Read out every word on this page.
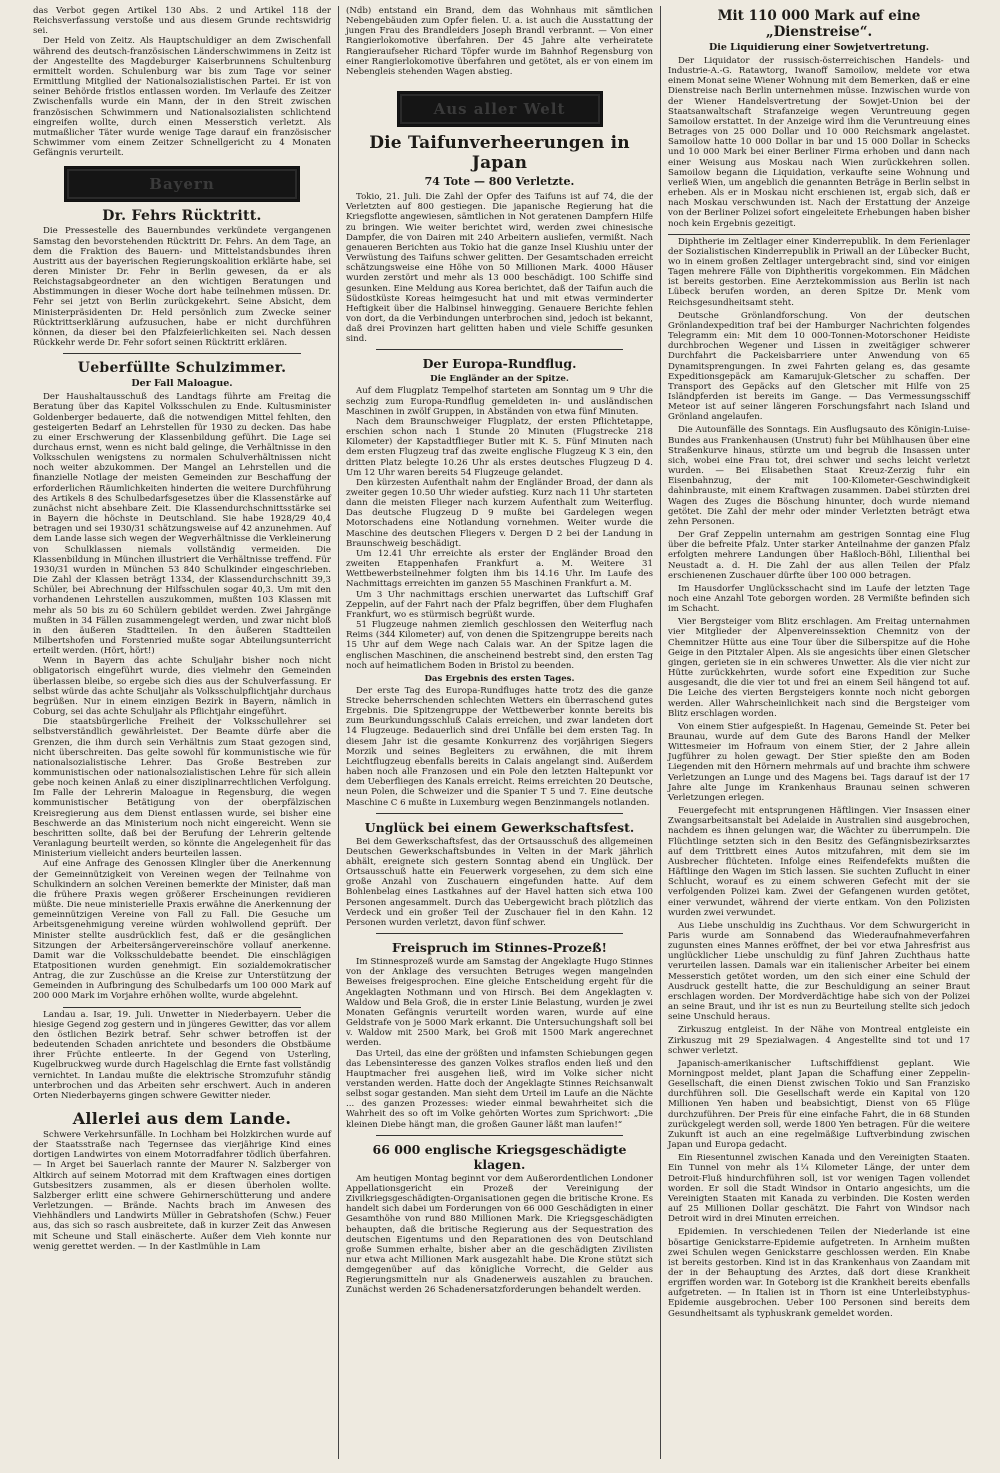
das Verbot gegen Artikel 130 Abs. 2 und Artikel 118 der Reichsverfassung verstoße und aus diesem Grunde rechtswidrig sei.

Der Held von Zeitz. Als Hauptschuldiger an dem Zwischenfall während des deutsch-französischen Länderschwimmens in Zeitz ist der Angestellte des Magdeburger Kaiserbrunnens Schultenburg ermittelt worden. Schulenburg war bis zum Tage vor seiner Ermittlung Mitglied der Nationalsozialistischen Partei. Er ist von seiner Behörde fristlos entlassen worden. Im Verlaufe des Zeitzer Zwischenfalls wurde ein Mann, der in den Streit zwischen französischen Schwimmern und Nationalsozialisten schlichtend eingreifen wollte, durch einen Messerstich verletzt. Als mutmaßlicher Täter wurde wenige Tage darauf ein französischer Schwimmer vom einem Zeitzer Schnellgericht zu 4 Monaten Gefängnis verurteilt.

Bayern
Dr. Fehrs Rücktritt.

Die Pressestelle des Bauernbundes verkündete vergangenen Samstag den bevorstehenden Rücktritt Dr. Fehrs. An dem Tage, an dem die Fraktion des Bauern- und Mittelstandsbundes ihren Austritt aus der bayerischen Regierungskoalition erklärte habe, sei deren Minister Dr. Fehr in Berlin gewesen, da er als Reichstagsabgeordneter an den wichtigen Beratungen und Abstimmungen in dieser Woche dort habe teilnehmen müssen. Dr. Fehr sei jetzt von Berlin zurückgekehrt. Seine Absicht, dem Ministerpräsidenten Dr. Held persönlich zum Zwecke seiner Rücktrittserklärung aufzusuchen, habe er nicht durchführen können, da dieser bei den Pfalzfeierlichkeiten sei. Nach dessen Rückkehr werde Dr. Fehr sofort seinen Rücktritt erklären.

Ueberfüllte Schulzimmer.
Der Fall Maloague.

Der Haushaltausschuß des Landtags führte am Freitag die Beratung über das Kapitel Volksschulen zu Ende. Kultusminister Goldenberger bedauerte, daß die notwendigen Mittel fehlten, den gesteigerten Bedarf an Lehrstellen für 1930 zu decken. Das habe zu einer Erschwerung der Klassenbildung geführt. Die Lage sei durchaus ernst, wenn es nicht bald gelinge, die Verhältnisse in den Volksschulen wenigstens zu normalen Schulverhältnissen nicht noch weiter abzukommen. Der Mangel an Lehrstellen und die finanzielle Notlage der meisten Gemeinden zur Beschaffung der erforderlichen Räumlichkeiten hinderten die weitere Durchführung des Artikels 8 des Schulbedarfsgesetzes über die Klassenstärke auf zunächst nicht absehbare Zeit. Die Klassendurchschnittsstärke sei in Bayern die höchste in Deutschland. Sie habe 1928/29 40,4 betragen und sei 1930/31 schätzungsweise auf 42 anzunehmen. Auf dem Lande lasse sich wegen der Wegverhältnisse die Verkleinerung von Schulklassen niemals vollständig vermeiden. Die Klassenbildung in München illustriert die Verhältnisse treffend. Für 1930/31 wurden in München 53 840 Schulkinder eingeschrieben. Die Zahl der Klassen beträgt 1334, der Klassendurchschnitt 39,3 Schüler, bei Abrechnung der Hilfsschulen sogar 40,3. Um mit den vorhandenen Lehrstellen auszukommen, mußten 103 Klassen mit mehr als 50 bis zu 60 Schülern gebildet werden. Zwei Jahrgänge mußten in 34 Fällen zusammengelegt werden, und zwar nicht bloß in den äußeren Stadtteilen. In den äußeren Stadtteilen Milbertshofen und Forstenried mußte sogar Abteilungsunterricht erteilt werden. (Hört, hört!)

Wenn in Bayern das achte Schuljahr bisher noch nicht obligatorisch eingeführt wurde, dies vielmehr den Gemeinden überlassen bleibe, so ergebe sich dies aus der Schulverfassung. Er selbst würde das achte Schuljahr als Volksschulpflichtjahr durchaus begrüßen. Nur in einem einzigen Bezirk in Bayern, nämlich in Coburg, sei das achte Schuljahr als Pflichtjahr eingeführt.

Die staatsbürgerliche Freiheit der Volksschullehrer sei selbstverständlich gewährleistet. Der Beamte dürfe aber die Grenzen, die ihm durch sein Verhältnis zum Staat gezogen sind, nicht überschreiten. Das gelte sowohl für kommunistische wie für nationalsozialistische Lehrer. Das Große Bestreben zur kommunistischen oder nationalsozialistischen Lehre für sich allein gebe noch keinen Anlaß zu einer disziplinarrechtlichen Verfolgung. Im Falle der Lehrerin Maloague in Regensburg, die wegen kommunistischer Betätigung von der oberpfälzischen Kreisregierung aus dem Dienst entlassen wurde, sei bisher eine Beschwerde an das Ministerium noch nicht eingereicht. Wenn sie beschritten sollte, daß bei der Berufung der Lehrerin geltende Veranlagung beurteilt werden, so könnte die Angelegenheit für das Ministerium vielleicht anders beurteilen lassen.

Auf eine Anfrage des Genossen Klingler über die Anerkennung der Gemeinnützigkeit von Vereinen wegen der Teilnahme von Schulkindern an solchen Vereinen bemerkte der Minister, daß man die frühere Praxis wegen größerer Erscheinungen revidieren müßte. Die neue ministerielle Praxis erwähne die Anerkennung der gemeinnützigen Vereine von Fall zu Fall. Die Gesuche um Arbeitsgenehmigung vereine würden wohlwollend geprüft. Der Minister stellte ausdrücklich fest, daß er die gesänglichen Sitzungen der Arbeitersängervereinschöre vollauf anerkenne. Damit war die Volksschuldebatte beendet. Die einschlägigen Etatpositionen wurden genehmigt. Ein sozialdemokratischer Antrag, die zur Zuschüsse an die Kreise zur Unterstützung der Gemeinden in Aufbringung des Schulbedarfs um 100 000 Mark auf 200 000 Mark im Vorjahre erhöhen wollte, wurde abgelehnt.

Landau a. Isar, 19. Juli. Unwetter in Niederbayern. Ueber die hiesige Gegend zog gestern und in jüngeres Gewitter, das vor allem den östlichen Bezirk betraf. Sehr schwer betroffen ist der bedeutenden Schaden anrichtete und besonders die Obstbäume ihrer Früchte entleerte. In der Gegend von Usterling, Kugelbruckweg wurde durch Hagelschlag die Ernte fast vollständig vernichtet. In Landau mußte die elektrische Stromzufuhr ständig unterbrochen und das Arbeiten sehr erschwert. Auch in anderen Orten Niederbayerns gingen schwere Gewitter nieder.

Allerlei aus dem Lande.

Schwere Verkehrsunfälle. In Lochham bei Holzkirchen wurde auf der Staatsstraße nach Tegernsee das vierjährige Kind eines dortigen Landwirtes von einem Motorradfahrer tödlich überfahren. — In Arget bei Sauerlach rannte der Maurer N. Salzberger von Altkirch auf seinem Motorrad mit dem Kraftwagen eines dortigen Gutsbesitzers zusammen, als er diesen überholen wollte. Salzberger erlitt eine schwere Gehirnerschütterung und andere Verletzungen. — Brände. Nachts brach im Anwesen des Viehhändlers und Landwirts Müller in Gebratshofen (Schw.) Feuer aus, das sich so rasch ausbreitete, daß in kurzer Zeit das Anwesen mit Scheune und Stall einäscherte. Außer dem Vieh konnte nur wenig gerettet werden. — In der Kastlmühle in Lam

(Ndb) entstand ein Brand, dem das Wohnhaus mit sämtlichen Nebengebäuden zum Opfer fielen. U. a. ist auch die Ausstattung der jungen Frau des Brandleiders Joseph Brandl verbrannt. — Von einer Rangierlokomotive überfahren. Der 45 Jahre alte verheiratete Rangieraufseher Richard Töpfer wurde im Bahnhof Regensburg von einer Rangierlokomotive überfahren und getötet, als er von einem im Nebengleis stehenden Wagen abstieg.

Aus aller Welt
Die Taifunverheerungen in Japan
74 Tote — 800 Verletzte.

Tokio, 21. Juli. Die Zahl der Opfer des Taifuns ist auf 74, die der Verletzten auf 800 gestiegen. Die japanische Regierung hat die Kriegsflotte angewiesen, sämtlichen in Not geratenen Dampfern Hilfe zu bringen. Wie weiter berichtet wird, werden zwei chinesische Dampfer, die von Dairen mit 240 Arbeitern ausliefen, vermißt. Nach genaueren Berichten aus Tokio hat die ganze Insel Kiushiu unter der Verwüstung des Taifuns schwer gelitten. Der Gesamtschaden erreicht schätzungsweise eine Höhe von 50 Millionen Mark. 4000 Häuser wurden zerstört und mehr als 13 000 beschädigt. 100 Schiffe sind gesunken. Eine Meldung aus Korea berichtet, daß der Taifun auch die Südostküste Koreas heimgesucht hat und mit etwas verminderter Heftigkeit über die Halbinsel hinwegging. Genauere Berichte fehlen von dort, da die Verbindungen unterbrochen sind, jedoch ist bekannt, daß drei Provinzen hart gelitten haben und viele Schiffe gesunken sind.

Der Europa-Rundflug.
Die Engländer an der Spitze.

Auf dem Flugplatz Tempelhof starteten am Sonntag um 9 Uhr die sechzig zum Europa-Rundflug gemeldeten in- und ausländischen Maschinen in zwölf Gruppen, in Abständen von etwa fünf Minuten.

Nach dem Braunschweiger Flugplatz, der ersten Pflichtetappe, erschien schon nach 1 Stunde 20 Minuten (Flugstrecke 218 Kilometer) der Kapstadtflieger Butler mit K. 5. Fünf Minuten nach dem ersten Flugzeug traf das zweite englische Flugzeug K 3 ein, den dritten Platz belegte 10.26 Uhr als erstes deutsches Flugzeug D 4. Um 12 Uhr waren bereits 54 Flugzeuge gelandet.

Den kürzesten Aufenthalt nahm der Engländer Broad, der dann als zweiter gegen 10.50 Uhr wieder aufstieg. Kurz nach 11 Uhr starteten dann die meisten Flieger nach kurzem Aufenthalt zum Weiterflug. Das deutsche Flugzeug D 9 mußte bei Gardelegen wegen Motorschadens eine Notlandung vornehmen. Weiter wurde die Maschine des deutschen Fliegers v. Dergen D 2 bei der Landung in Braunschweig beschädigt.

Um 12.41 Uhr erreichte als erster der Engländer Broad den zweiten Etappenhafen Frankfurt a. M. Weitere 31 Wettbewerbsteilnehmer folgten ihm bis 14.16 Uhr. Im Laufe des Nachmittags erreichten im ganzen 55 Maschinen Frankfurt a. M.

Um 3 Uhr nachmittags erschien unerwartet das Luftschiff Graf Zeppelin, auf der Fahrt nach der Pfalz begriffen, über dem Flughafen Frankfurt, wo es stürmisch begrüßt wurde.

51 Flugzeuge nahmen ziemlich geschlossen den Weiterflug nach Reims (344 Kilometer) auf, von denen die Spitzengruppe bereits nach 15 Uhr auf dem Wege nach Calais war. An der Spitze lagen die englischen Maschinen, die anscheinend bestrebt sind, den ersten Tag noch auf heimatlichem Boden in Bristol zu beenden.

Das Ergebnis des ersten Tages.

Der erste Tag des Europa-Rundfluges hatte trotz des die ganze Strecke beherrschenden schlechten Wetters ein überraschend gutes Ergebnis. Die Spitzengruppe der Wettbewerber konnte bereits bis zum Beurkundungsschluß Calais erreichen, und zwar landeten dort 14 Flugzeuge. Bedauerlich sind drei Unfälle bei dem ersten Tag. In diesem Jahr ist die gesamte Konkurrenz des vorjährigen Siegers Morzik und seines Begleiters zu erwähnen, die mit ihrem Leichtflugzeug ebenfalls bereits in Calais angelangt sind. Außerdem haben noch alle Franzosen und ein Pole den letzten Haltepunkt vor dem Ueberfliegen des Kanals erreicht. Reims erreichten 20 Deutsche, neun Polen, die Schweizer und die Spanier T 5 und 7. Eine deutsche Maschine C 6 mußte in Luxemburg wegen Benzinmangels notlanden.

Unglück bei einem Gewerkschaftsfest.

Bei dem Gewerkschaftsfest, das der Ortsausschuß des allgemeinen Deutschen Gewerkschaftsbundes in Velten in der Mark jährlich abhält, ereignete sich gestern Sonntag abend ein Unglück. Der Ortsausschuß hatte ein Feuerwerk vorgesehen, zu dem sich eine große Anzahl von Zuschauern eingefunden hatte. Auf dem Bohlenbelag eines Lastkahnes auf der Havel hatten sich etwa 100 Personen angesammelt. Durch das Uebergewicht brach plötzlich das Verdeck und ein großer Teil der Zuschauer fiel in den Kahn. 12 Personen wurden verletzt, davon fünf schwer.

Freispruch im Stinnes-Prozeß!

Im Stinnesprozeß wurde am Samstag der Angeklagte Hugo Stinnes von der Anklage des versuchten Betruges wegen mangelnden Beweises freigesprochen. Eine gleiche Entscheidung ergeht für die Angeklagten Nothmann und von Hirsch. Bei dem Angeklagten v. Waldow und Bela Groß, die in erster Linie Belastung, wurden je zwei Monaten Gefängnis verurteilt worden waren, wurde auf eine Geldstrafe von je 5000 Mark erkannt. Die Untersuchungshaft soll bei v. Waldow mit 2500 Mark, bei Groß mit 1500 Mark angerechnet werden.

Das Urteil, das eine der größten und infamsten Schiebungen gegen das Lebensinteresse des ganzen Volkes straflos enden ließ und den Hauptmacher frei ausgehen ließ, wird im Volke sicher nicht verstanden werden. Hatte doch der Angeklagte Stinnes Reichsanwalt selbst sogar gestanden. Man sieht dem Urteil im Laufe an die Nächte ... des ganzen Prozesses: wieder einmal bewahrheitet sich die Wahrheit des so oft im Volke gehörten Wortes zum Sprichwort: „Die kleinen Diebe hängt man, die großen Gauner läßt man laufen!“

66 000 englische Kriegsgeschädigte klagen.

Am heutigen Montag beginnt vor dem Außerordentlichen Londoner Appellationsgericht ein Prozeß der Vereinigung der Zivilkriegsgeschädigten-Organisationen gegen die britische Krone. Es handelt sich dabei um Forderungen von 66 000 Geschädigten in einer Gesamthöhe von rund 880 Millionen Mark. Die Kriegsgeschädigten behaupten, daß die britische Regierung aus der Sequestration des deutschen Eigentums und den Reparationen des von Deutschland große Summen erhalte, bisher aber an die geschädigten Zivilisten nur etwa acht Millionen Mark ausgezahlt habe. Die Krone stützt sich demgegenüber auf das königliche Vorrecht, die Gelder aus Regierungsmitteln nur als Gnadenerweis auszahlen zu brauchen. Zunächst werden 26 Schadenersatzforderungen behandelt werden.

Mit 110 000 Mark auf eine „Dienstreise“.
Die Liquidierung einer Sowjetvertretung.

Der Liquidator der russisch-österreichischen Handels- und Industrie-A.-G. Ratawtorg, Iwanoff Samoilow, meldete vor etwa einem Monat seine Wiener Wohnung mit dem Bemerken, daß er eine Dienstreise nach Berlin unternehmen müsse. Inzwischen wurde von der Wiener Handelsvertretung der Sowjet-Union bei der Staatsanwaltschaft Strafanzeige wegen Veruntreuung gegen Samoilow erstattet. In der Anzeige wird ihm die Veruntreuung eines Betrages von 25 000 Dollar und 10 000 Reichsmark angelastet. Samoilow hatte 10 000 Dollar in bar und 15 000 Dollar in Schecks und 10 000 Mark bei einer Berliner Firma erhoben und dann nach einer Weisung aus Moskau nach Wien zurückkehren sollen. Samoilow begann die Liquidation, verkaufte seine Wohnung und verließ Wien, um angeblich die genannten Beträge in Berlin selbst in erheben. Als er in Moskau nicht erschienen ist, ergab sich, daß er nach Moskau verschwunden ist. Nach der Erstattung der Anzeige von der Berliner Polizei sofort eingeleitete Erhebungen haben bisher noch kein Ergebnis gezeitigt.

Diphtherie im Zeltlager einer Kinderrepublik. In dem Ferienlager der Sozialistischen Kinderrepublik in Priwall an der Lübecker Bucht, wo in einem großen Zeltlager untergebracht sind, sind vor einigen Tagen mehrere Fälle von Diphtheritis vorgekommen. Ein Mädchen ist bereits gestorben. Eine Aerztekommission aus Berlin ist nach Lübeck berufen worden, an deren Spitze Dr. Menk vom Reichsgesundheitsamt steht.

Deutsche Grönlandforschung. Von der deutschen Grönlandexpedition traf bei der Hamburger Nachrichten folgendes Telegramm ein: Mit dem 10 000-Tonnen-Motorschoner Heidiste durchbrochen Wegener und Lissen in zweitägiger schwerer Durchfahrt die Packeisbarriere unter Anwendung von 65 Dynamitsprengungen. In zwei Fahrten gelang es, das gesamte Expeditionsgepäck am Kamarujuk-Gletscher zu schaffen. Der Transport des Gepäcks auf den Gletscher mit Hilfe von 25 Isländpferden ist bereits im Gange. — Das Vermessungsschiff Meteor ist auf seiner längeren Forschungsfahrt nach Island und Grönland angelaufen.

Die Autounfälle des Sonntags. Ein Ausflugsauto des Königin-Luise-Bundes aus Frankenhausen (Unstrut) fuhr bei Mühlhausen über eine Straßenkurve hinaus, stürzte um und begrub die Insassen unter sich, wobei eine Frau tot, drei schwer und sechs leicht verletzt wurden. — Bei Elisabethen Staat Kreuz-Zerzig fuhr ein Eisenbahnzug, der mit 100-Kilometer-Geschwindigkeit dahinbrauste, mit einem Kraftwagen zusammen. Dabei stürzten drei Wagen des Zuges die Böschung hinunter, doch wurde niemand getötet. Die Zahl der mehr oder minder Verletzten beträgt etwa zehn Personen.

Der Graf Zeppelin unternahm am gestrigen Sonntag eine Flug über die befreite Pfalz. Unter starker Anteilnahme der ganzen Pfalz erfolgten mehrere Landungen über Haßloch-Böhl, Lilienthal bei Neustadt a. d. H. Die Zahl der aus allen Teilen der Pfalz erschienenen Zuschauer dürfte über 100 000 betragen.

Im Hausdorfer Unglücksschacht sind im Laufe der letzten Tage noch eine Anzahl Tote geborgen worden. 28 Vermißte befinden sich im Schacht.

Vier Bergsteiger vom Blitz erschlagen. Am Freitag unternahmen vier Mitglieder der Alpenvereinssektion Chemnitz von der Chemnitzer Hütte aus eine Tour über die Silberspitze auf die Hohe Geige in den Pitztaler Alpen. Als sie angesichts über einen Gletscher gingen, gerieten sie in ein schweres Unwetter. Als die vier nicht zur Hütte zurückkehrten, wurde sofort eine Expedition zur Suche ausgesandt, die die vier tot und frei an einem Seil hängend tot auf. Die Leiche des vierten Bergsteigers konnte noch nicht geborgen werden. Aller Wahrscheinlichkeit nach sind die Bergsteiger vom Blitz erschlagen worden.

Von einem Stier aufgespießt. In Hagenau, Gemeinde St. Peter bei Braunau, wurde auf dem Gute des Barons Handl der Melker Wittesmeier im Hofraum von einem Stier, der 2 Jahre allein Jugführer zu holen gewagt. Der Stier spießte den am Boden Liegenden mit den Hörnern mehrmals auf und brachte ihm schwere Verletzungen an Lunge und des Magens bei. Tags darauf ist der 17 Jahre alte Junge im Krankenhaus Braunau seinen schweren Verletzungen erlegen.

Feuergefecht mit entsprungenen Häftlingen. Vier Insassen einer Zwangsarbeitsanstalt bei Adelaide in Australien sind ausgebrochen, nachdem es ihnen gelungen war, die Wächter zu überrumpeln. Die Flüchtlinge setzten sich in den Besitz des Gefängnisbezirksarztes auf dem Trittbrett eines Autos mitzufahren, mit dem sie im Ausbrecher flüchteten. Infolge eines Reifendefekts mußten die Häftlinge den Wagen im Stich lassen. Sie suchten Zuflucht in einer Schlucht, worauf es zu einem schweren Gefecht mit der sie verfolgenden Polizei kam. Zwei der Gefangenen wurden getötet, einer verwundet, während der vierte entkam. Von den Polizisten wurden zwei verwundet.

Aus Liebe unschuldig ins Zuchthaus. Vor dem Schwurgericht in Paris wurde am Sonnabend das Wiederaufnahmeverfahren zugunsten eines Mannes eröffnet, der bei vor etwa Jahresfrist aus unglücklicher Liebe unschuldig zu fünf Jahren Zuchthaus hatte verurteilen lassen. Damals war ein italienischer Arbeiter bei einem Messerstich getötet worden, um den sich einer eine Schuld der Ausdruck gestellt hatte, die zur Beschuldigung an seiner Braut erschlagen worden. Der Mordverdächtige habe sich von der Polizei an seine Braut, und ihr ist es nun zu Beurteilung stellte sich jedoch seine Unschuld heraus.

Zirkuszug entgleist. In der Nähe von Montreal entgleiste ein Zirkuszug mit 29 Spezialwagen. 4 Angestellte sind tot und 17 schwer verletzt.

Japanisch-amerikanischer Luftschiffdienst geplant. Wie Morningpost meldet, plant Japan die Schaffung einer Zeppelin-Gesellschaft, die einen Dienst zwischen Tokio und San Franzisko durchführen soll. Die Gesellschaft werde ein Kapital von 120 Millionen Yen haben und beabsichtigt, Dienst von 65 Flüge durchzuführen. Der Preis für eine einfache Fahrt, die in 68 Stunden zurückgelegt werden soll, werde 1800 Yen betragen. Für die weitere Zukunft ist auch an eine regelmäßige Luftverbindung zwischen Japan und Europa gedacht.

Ein Riesentunnel zwischen Kanada und den Vereinigten Staaten. Ein Tunnel von mehr als 1¼ Kilometer Länge, der unter dem Detroit-Fluß hindurchführen soll, ist vor wenigen Tagen vollendet worden. Er soll die Stadt Windsor in Ontario angesichts, um die Vereinigten Staaten mit Kanada zu verbinden. Die Kosten werden auf 25 Millionen Dollar geschätzt. Die Fahrt von Windsor nach Detroit wird in drei Minuten erreichen.

Epidemien. In verschiedenen Teilen der Niederlande ist eine bösartige Genickstarre-Epidemie aufgetreten. In Arnheim mußten zwei Schulen wegen Genickstarre geschlossen werden. Ein Knabe ist bereits gestorben. Kind ist in das Krankenhaus von Zaandam mit der in der Behauptung des Arztes, daß dort diese Krankheit ergriffen worden war. In Goteborg ist die Krankheit bereits ebenfalls aufgetreten. — In Italien ist in Thorn ist eine Unterleibstyphus-Epidemie ausgebrochen. Ueber 100 Personen sind bereits dem Gesundheitsamt als typhuskrank gemeldet worden.
